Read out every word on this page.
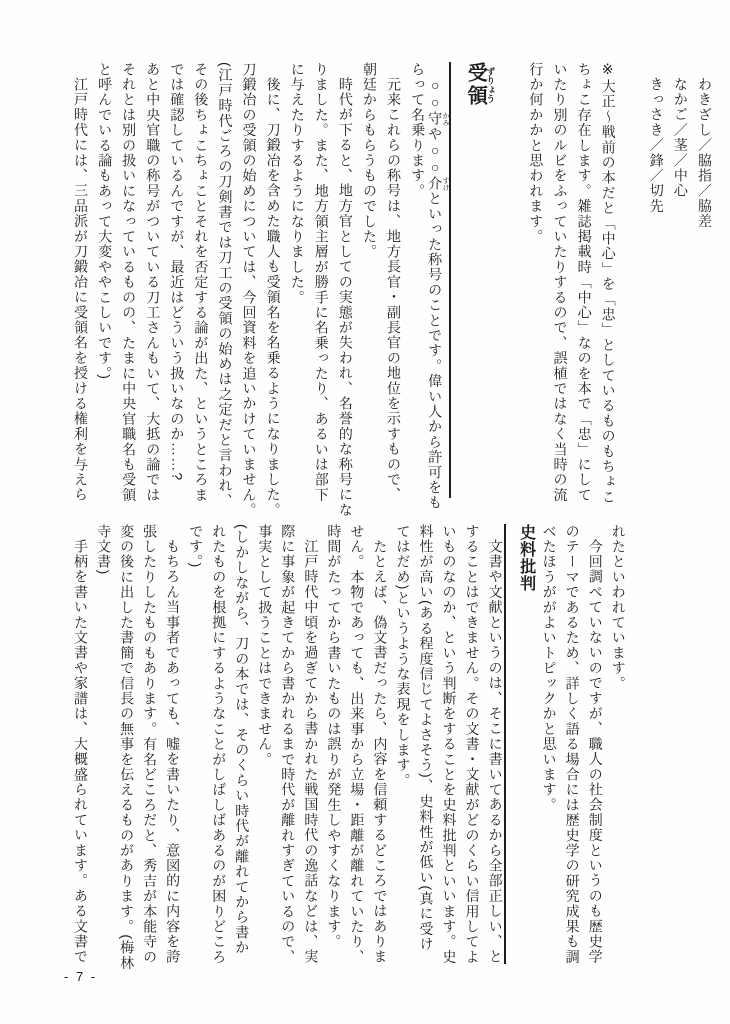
わきざし／脇指／脇差
なかご／茎／中心
きっさき／鋒／切先
※大正〜戦前の本だと「中心」を「忠」としているものもちょこ
ちょこ存在します。雑誌掲載時「中心」なのを本で「忠」にして
いたり別のルビをふっていたりするので、誤植ではなく当時の流
行か何かかと思われます。
受領 ずりょう
○○守 かみや○○介 すけといった称号のことです。偉い人から許可をも
らって名乗ります。
元来これらの称号は、地方長官・副長官の地位を示すもので、
朝廷からもらうものでした。
時代が下ると、地方官としての実態が失われ、名誉的な称号にな
りました。また、地方領主層が勝手に名乗ったり、あるいは部下
に与えたりするようになりました。
後に、刀鍛冶を含めた職人も受領名を名乗るようになりました。
刀鍛冶の受領の始めについては、今回資料を追いかけていません。
(江戸時代ごろの刀剣書では刀工の受領の始めは之定だと言われ、
その後ちょこちょことそれを否定する論が出た、というところま
では確認しているんですが、最近はどういう扱いなのか……?
あと中央官職の称号がついている刀工さんもいて、大抵の論では
それとは別の扱いになっているものの、たまに中央官職名も受領
と呼んでいる論もあって大変ややこしいです。)
江戸時代には、三品派が刀鍛冶に受領名を授ける権利を与えら
れたといわれています。
今回調べていないのですが、職人の社会制度というのも歴史学
のテーマであるため、詳しく語る場合には歴史学の研究成果も調
べたほうががよいトピックかと思います。
史料批判
文書や文献というのは、そこに書いてあるから全部正しい、と
することはできません。その文書・文献がどのくらい信用してよ
いものなのか、という判断をすることを史料批判といいます。史
料性が高い(ある程度信じてよさそう)、史料性が低い(真に受け
てはだめ)というような表現をします。
たとえば、偽文書だったら、内容を信頼するどころではありま
せん。本物であっても、出来事から立場・距離が離れていたり、
時間がたってから書いたものは誤りが発生しやすくなります。
江戸時代中頃を過ぎてから書かれた戦国時代の逸話などは、実
際に事象が起きてから書かれるまで時代が離れすぎているので、
事実として扱うことはできません。
(しかしながら、刀の本では、そのくらい時代が離れてから書か
れたものを根拠にするようなことがしばしばあるのが困りどころ
です。)
もちろん当事者であっても、嘘を書いたり、意図的に内容を誇
張したりしたものもあります。有名どころだと、秀吉が本能寺の
変の後に出した書簡で信長の無事を伝えるものがあります。(梅林
寺文書)
手柄を書いた文書や家譜は、大概盛られています。ある文書で
- 7 -
